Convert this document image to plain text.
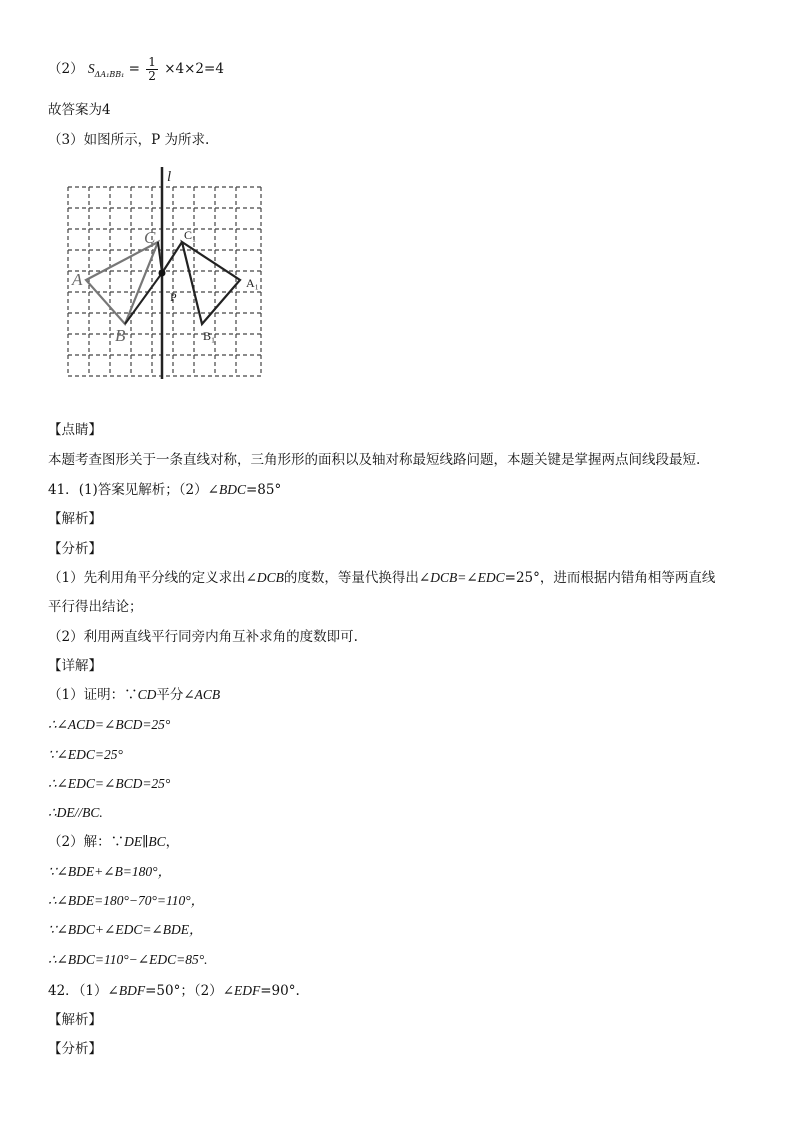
（2） $S_{\Delta A_1BB_1} = \frac{1}{2} \times 4\times 2=4$
故答案为4
（3）如图所示，P 为所求.
l
A
C
B
C₁
A₁
B₁
P
【点睛】
本题考查图形关于一条直线对称，三角形形的面积以及轴对称最短线路问题，本题关键是掌握两点间线段最短.
41．(1)答案见解析；（2）∠BDC=85°
【解析】
【分析】
（1）先利用角平分线的定义求出∠DCB的度数，等量代换得出∠DCB=∠EDC=25°，进而根据内错角相等两直线
平行得出结论；
（2）利用两直线平行同旁内角互补求角的度数即可.
【详解】
（1）证明：∵CD平分∠ACB
∴∠ACD=∠BCD=25°
∵∠EDC=25°
∴∠EDC=∠BCD=25°
∴DE//BC.
（2）解：∵DE∥BC，
∵∠BDE+∠B=180°，
∴∠BDE=180°−70°=110°，
∵∠BDC+∠EDC=∠BDE，
∴∠BDC=110°−∠EDC=85°.
42．（1）∠BDF=50°；（2）∠EDF=90°.
【解析】
【分析】
